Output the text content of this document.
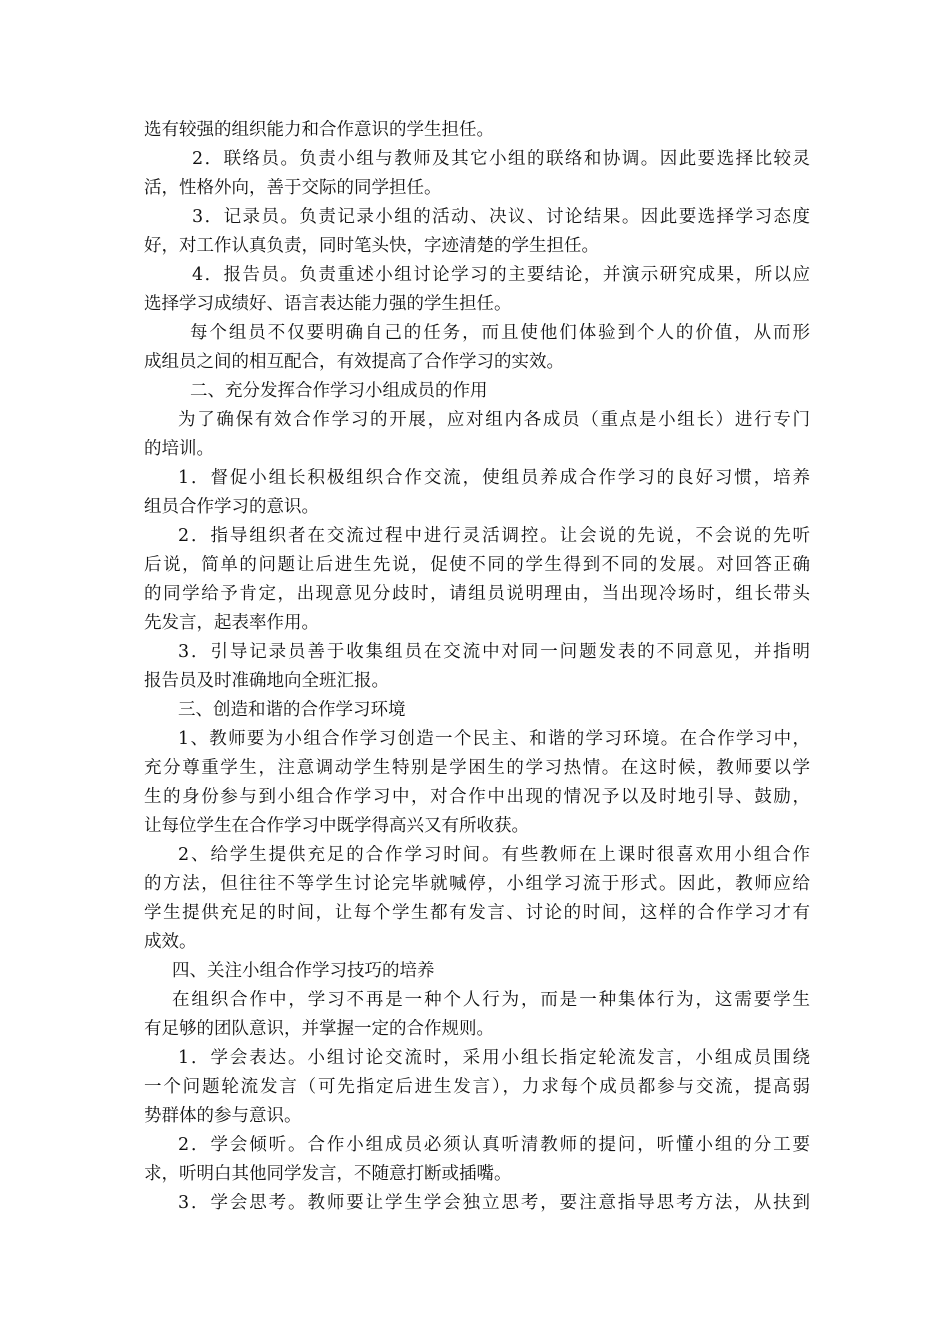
选有较强的组织能力和合作意识的学生担任。
2．联络员。负责小组与教师及其它小组的联络和协调。因此要选择比较灵
活，性格外向，善于交际的同学担任。
3．记录员。负责记录小组的活动、决议、讨论结果。因此要选择学习态度
好，对工作认真负责，同时笔头快，字迹清楚的学生担任。
4．报告员。负责重述小组讨论学习的主要结论，并演示研究成果，所以应
选择学习成绩好、语言表达能力强的学生担任。
每个组员不仅要明确自己的任务，而且使他们体验到个人的价值，从而形
成组员之间的相互配合，有效提高了合作学习的实效。
二、充分发挥合作学习小组成员的作用
为了确保有效合作学习的开展，应对组内各成员（重点是小组长）进行专门
的培训。
1．督促小组长积极组织合作交流，使组员养成合作学习的良好习惯，培养
组员合作学习的意识。
2．指导组织者在交流过程中进行灵活调控。让会说的先说，不会说的先听
后说，简单的问题让后进生先说，促使不同的学生得到不同的发展。对回答正确
的同学给予肯定，出现意见分歧时，请组员说明理由，当出现冷场时，组长带头
先发言，起表率作用。
3．引导记录员善于收集组员在交流中对同一问题发表的不同意见，并指明
报告员及时准确地向全班汇报。
三、创造和谐的合作学习环境
1、教师要为小组合作学习创造一个民主、和谐的学习环境。在合作学习中，
充分尊重学生，注意调动学生特别是学困生的学习热情。在这时候，教师要以学
生的身份参与到小组合作学习中，对合作中出现的情况予以及时地引导、鼓励，
让每位学生在合作学习中既学得高兴又有所收获。
2、给学生提供充足的合作学习时间。有些教师在上课时很喜欢用小组合作
的方法，但往往不等学生讨论完毕就喊停，小组学习流于形式。因此，教师应给
学生提供充足的时间，让每个学生都有发言、讨论的时间，这样的合作学习才有
成效。
四、关注小组合作学习技巧的培养
在组织合作中，学习不再是一种个人行为，而是一种集体行为，这需要学生
有足够的团队意识，并掌握一定的合作规则。
1．学会表达。小组讨论交流时，采用小组长指定轮流发言，小组成员围绕
一个问题轮流发言（可先指定后进生发言），力求每个成员都参与交流，提高弱
势群体的参与意识。
2．学会倾听。合作小组成员必须认真听清教师的提问，听懂小组的分工要
求，听明白其他同学发言，不随意打断或插嘴。
3．学会思考。教师要让学生学会独立思考，要注意指导思考方法，从扶到
